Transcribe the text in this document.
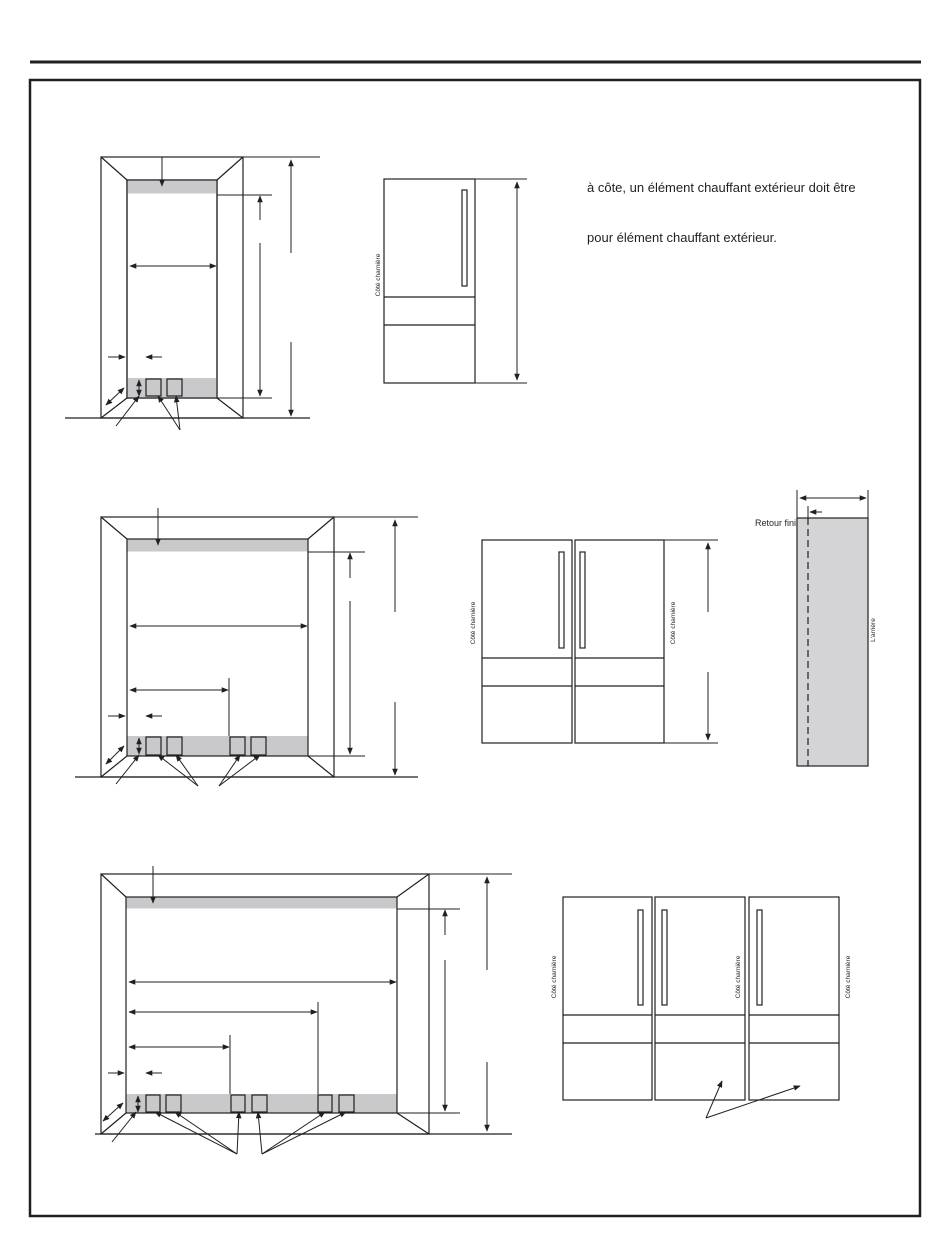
Côté charnière
à côte, un élément chauffant extérieur doit être
pour élément chauffant extérieur.
Côté charnière	Côté charnière
Retour fini
L'arrière
Côté charnière	Côté charnière	Côté charnière
